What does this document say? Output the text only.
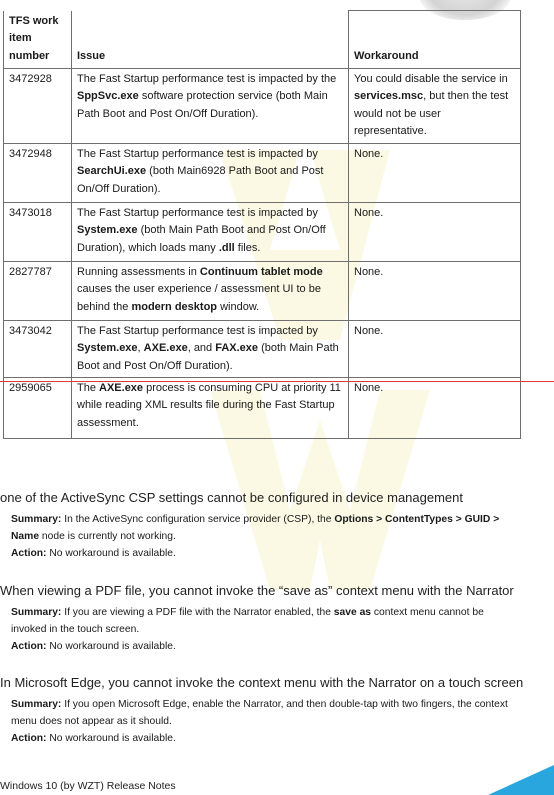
TFS work item number	Issue	Workaround
3472928	The Fast Startup performance test is impacted by the SppSvc.exe software protection service (both Main Path Boot and Post On/Off Duration).	You could disable the service in services.msc, but then the test would not be user representative.
3472948	The Fast Startup performance test is impacted by SearchUi.exe (both Main6928 Path Boot and Post On/Off Duration).	None.
3473018	The Fast Startup performance test is impacted by System.exe (both Main Path Boot and Post On/Off Duration), which loads many .dll files.	None.
2827787	Running assessments in Continuum tablet mode causes the user experience / assessment UI to be behind the modern desktop window.	None.
3473042	The Fast Startup performance test is impacted by System.exe, AXE.exe, and FAX.exe (both Main Path Boot and Post On/Off Duration).	None.
2959065	The AXE.exe process is consuming CPU at priority 11 while reading XML results file during the Fast Startup assessment.	None.
one of the ActiveSync CSP settings cannot be configured in device management

Summary: In the ActiveSync configuration service provider (CSP), the Options > ContentTypes > GUID > Name node is currently not working.

Action: No workaround is available.

When viewing a PDF file, you cannot invoke the “save as” context menu with the Narrator

Summary: If you are viewing a PDF file with the Narrator enabled, the save as context menu cannot be invoked in the touch screen.

Action: No workaround is available.

In Microsoft Edge, you cannot invoke the context menu with the Narrator on a touch screen

Summary: If you open Microsoft Edge, enable the Narrator, and then double-tap with two fingers, the context menu does not appear as it should.

Action: No workaround is available.

Windows 10 (by WZT) Release Notes
